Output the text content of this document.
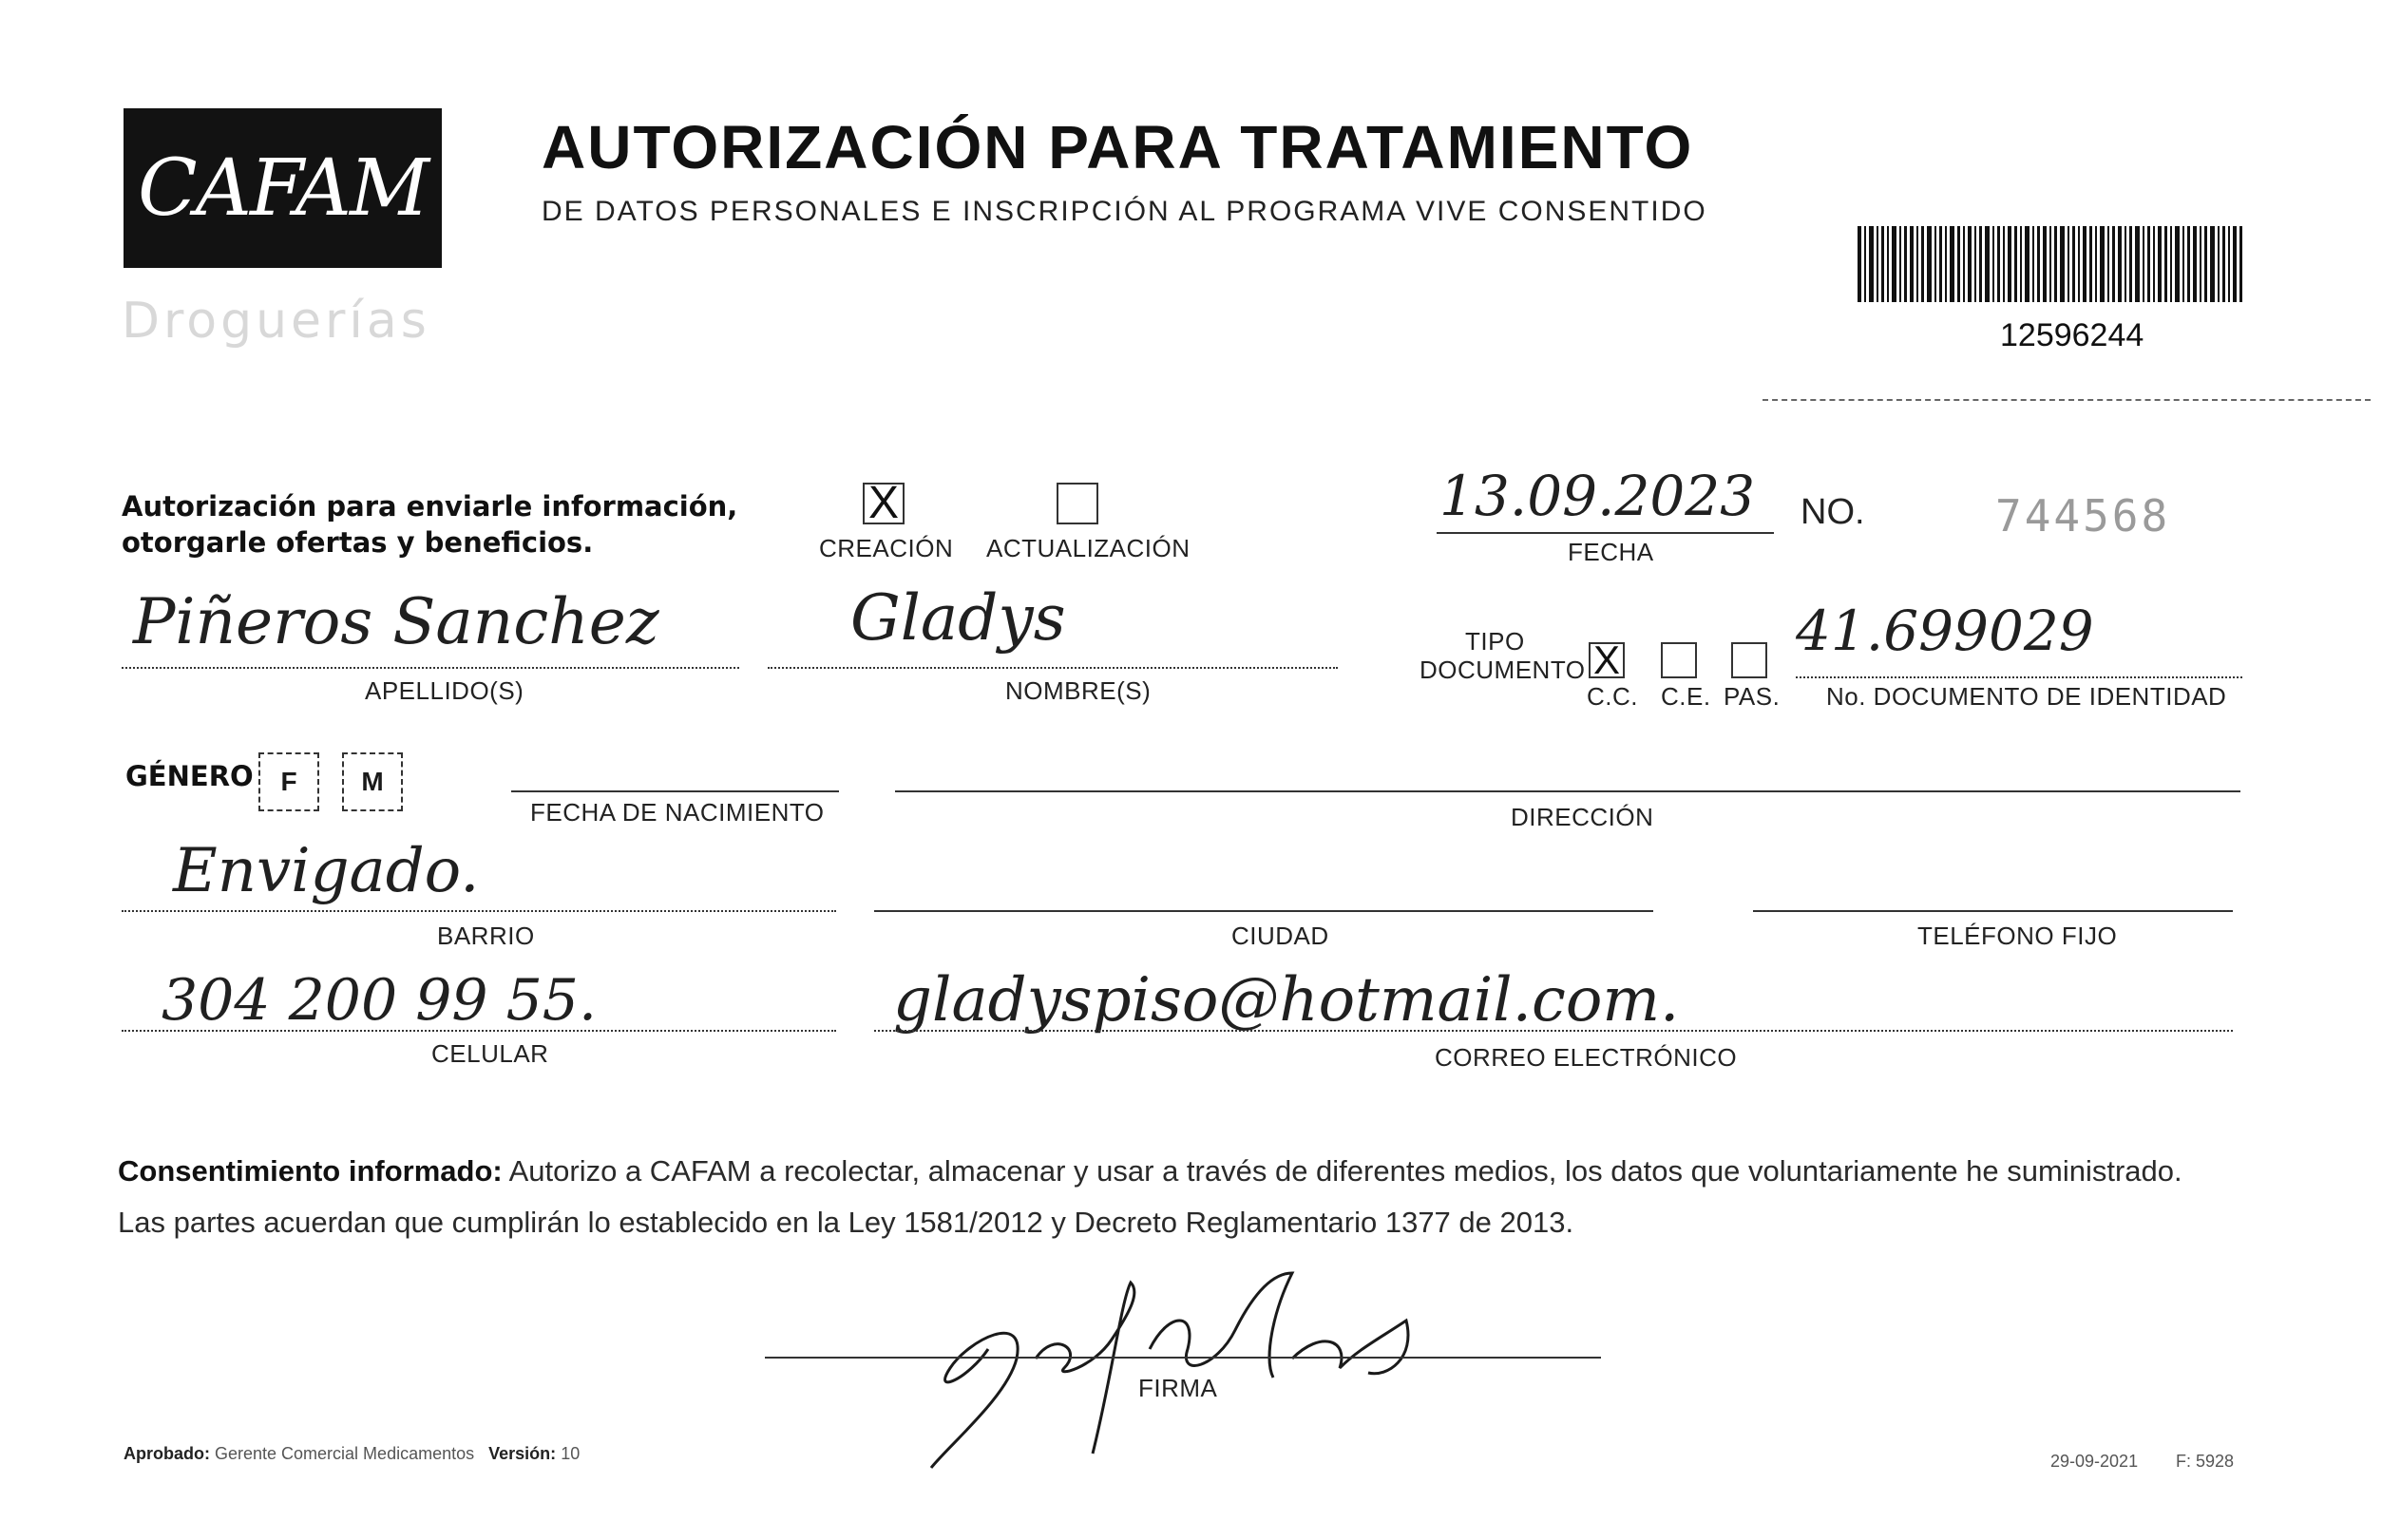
CAFAM
Droguerías
AUTORIZACIÓN PARA TRATAMIENTO
DE DATOS PERSONALES E INSCRIPCIÓN AL PROGRAMA VIVE CONSENTIDO
12596244
Autorización para enviarle información,
otorgarle ofertas y beneficios.
X
CREACIÓN ACTUALIZACIÓN
13.09.2023
FECHA
NO.	744568
Piñeros Sanchez
APELLIDO(S)
Gladys
NOMBRE(S)
TIPO
DOCUMENTO X
C.C. C.E. PAS.
41.699029
No. DOCUMENTO DE IDENTIDAD
GÉNERO	F	M
FECHA DE NACIMIENTO	DIRECCIÓN
Envigado.
BARRIO	CIUDAD	TELÉFONO FIJO
304 200 99 55.
CELULAR
gladyspiso@hotmail.com.
CORREO ELECTRÓNICO
Consentimiento informado: Autorizo a CAFAM a recolectar, almacenar y usar a través de diferentes medios, los datos que voluntariamente he suministrado.
Las partes acuerdan que cumplirán lo establecido en la Ley 1581/2012 y Decreto Reglamentario 1377 de 2013.
FIRMA
Aprobado: Gerente Comercial Medicamentos Versión: 10	29-09-2021 F: 5928
